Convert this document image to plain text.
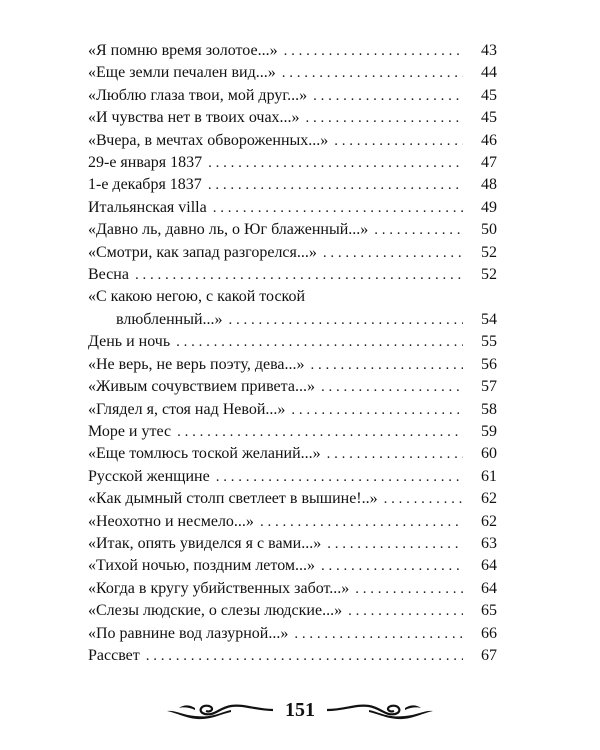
«Я помню время золотое...» . . .	43
«Еще земли печален вид...» . . .	44
«Люблю глаза твои, мой друг...» . . .	45
«И чувства нет в твоих очах...» . . .	45
«Вчера, в мечтах обвороженных...» . . .	46
29-е января 1837 . . .	47
1-е декабря 1837 . . .	48
Итальянская villa . . .	49
«Давно ль, давно ль, о Юг блаженный...» . . .	50
«Смотри, как запад разгорелся...» . . .	52
Весна . . .	52
«С какою негою, с какой тоской
влюбленный...» . . .	54
День и ночь . . .	55
«Не верь, не верь поэту, дева...» . . .	56
«Живым сочувствием привета...» . . .	57
«Глядел я, стоя над Невой...» . . .	58
Море и утес . . .	59
«Еще томлюсь тоской желаний...» . . .	60
Русской женщине . . .	61
«Как дымный столп светлеет в вышине!..» . . .	62
«Неохотно и несмело...» . . .	62
«Итак, опять увиделся я с вами...» . . .	63
«Тихой ночью, поздним летом...» . . .	64
«Когда в кругу убийственных забот...» . . .	64
«Слезы людские, о слезы людские...» . . .	65
«По равнине вод лазурной...» . . .	66
Рассвет . . .	67
151
